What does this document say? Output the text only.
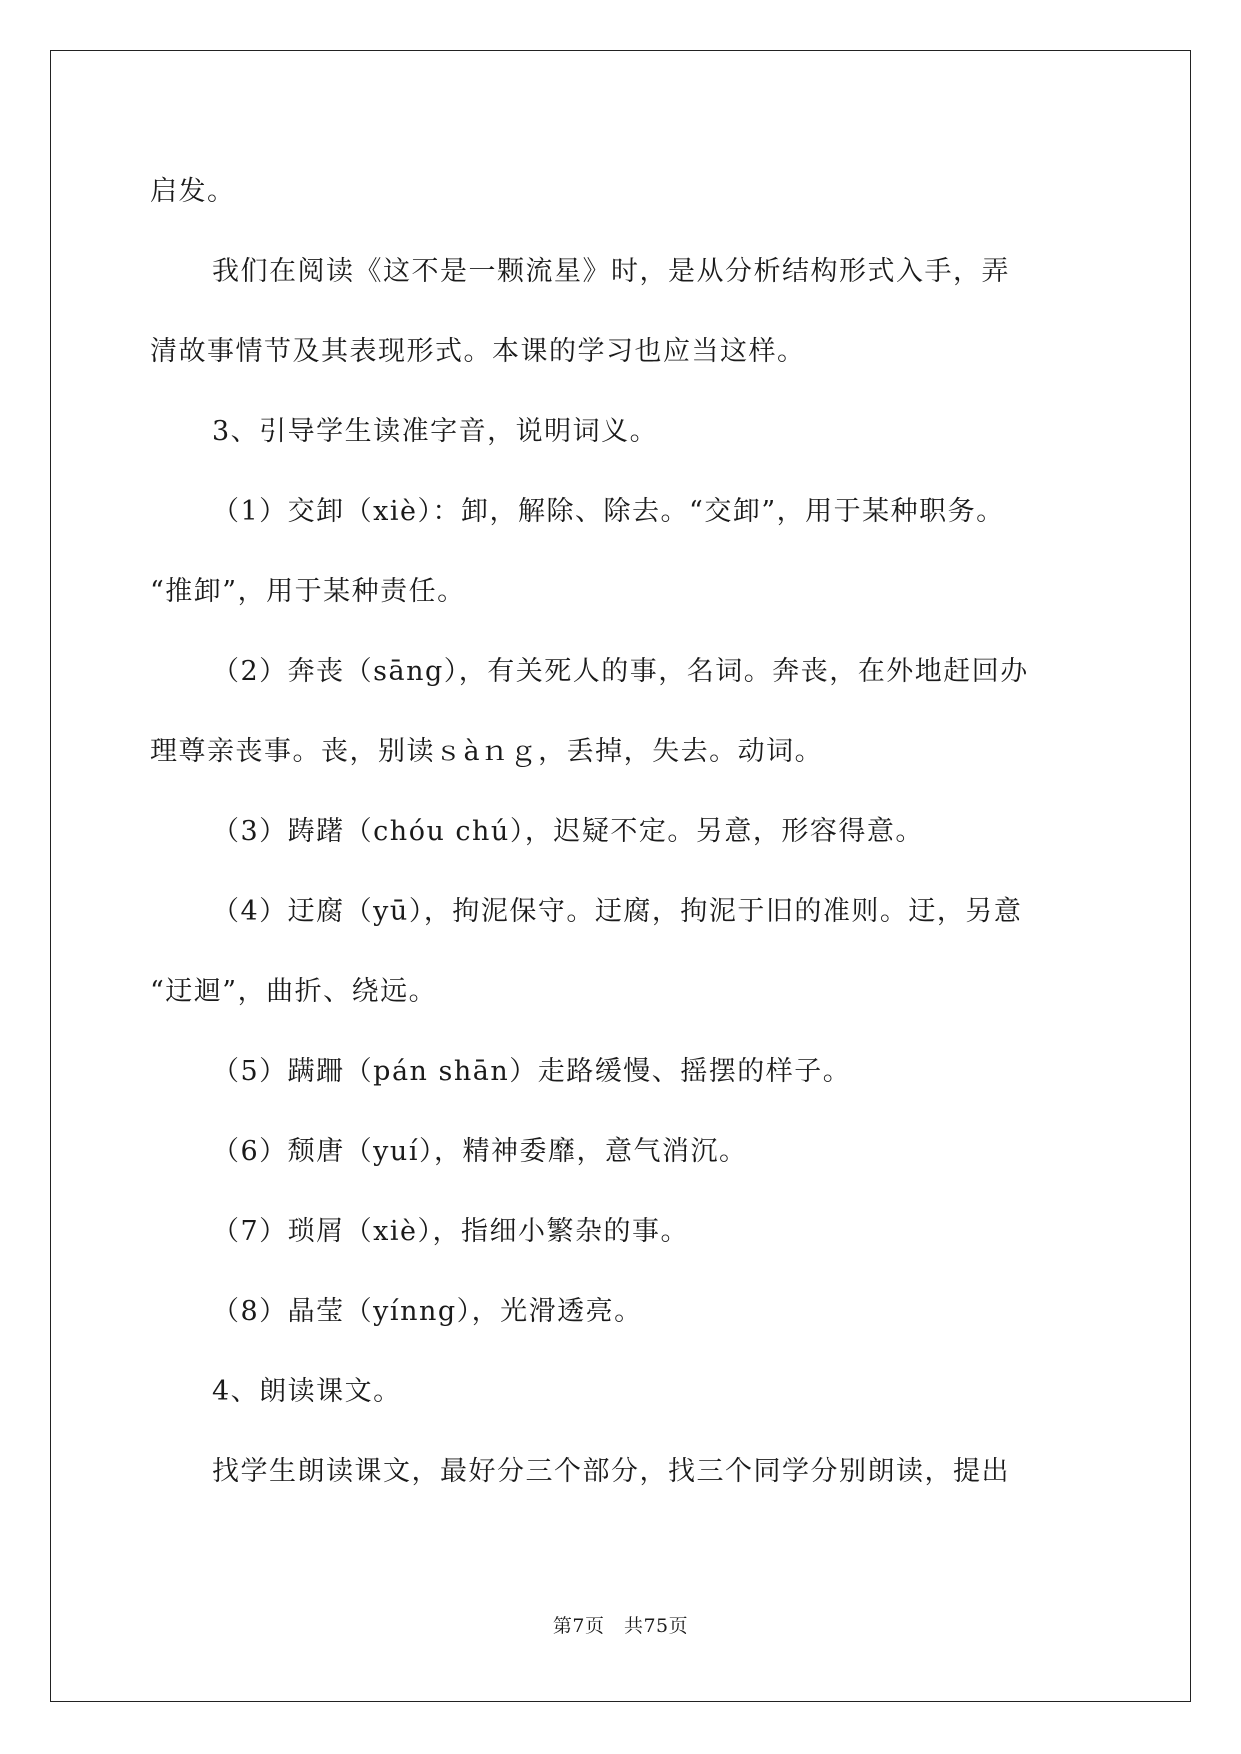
启发。
我们在阅读《这不是一颗流星》时，是从分析结构形式入手，弄
清故事情节及其表现形式。本课的学习也应当这样。
3、引导学生读准字音，说明词义。
（1）交卸（xiè）：卸，解除、除去。“交卸”，用于某种职务。
“推卸”，用于某种责任。
（2）奔丧（sāng），有关死人的事，名词。奔丧，在外地赶回办
理尊亲丧事。丧，别读ｓàｎｇ，丢掉，失去。动词。
（3）踌躇（chóu chú），迟疑不定。另意，形容得意。
（4）迂腐（yū），拘泥保守。迂腐，拘泥于旧的准则。迂，另意
“迂迴”，曲折、绕远。
（5）蹒跚（pán shān）走路缓慢、摇摆的样子。
（6）颓唐（yuí），精神委靡，意气消沉。
（7）琐屑（xiè），指细小繁杂的事。
（8）晶莹（yínng），光滑透亮。
4、朗读课文。
找学生朗读课文，最好分三个部分，找三个同学分别朗读，提出
第7页　共75页
